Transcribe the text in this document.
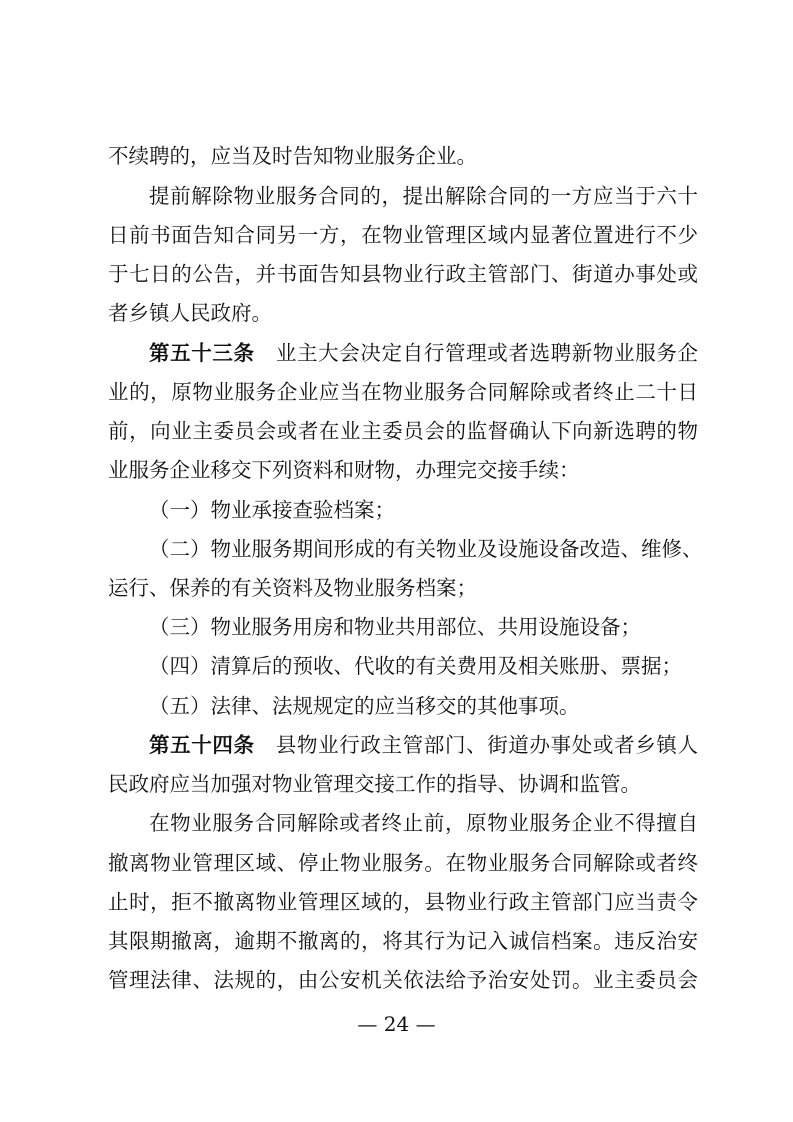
不续聘的，应当及时告知物业服务企业。
提前解除物业服务合同的，提出解除合同的一方应当于六十
日前书面告知合同另一方，在物业管理区域内显著位置进行不少
于七日的公告，并书面告知县物业行政主管部门、街道办事处或
者乡镇人民政府。
第五十三条  业主大会决定自行管理或者选聘新物业服务企
业的，原物业服务企业应当在物业服务合同解除或者终止二十日
前，向业主委员会或者在业主委员会的监督确认下向新选聘的物
业服务企业移交下列资料和财物，办理完交接手续：
（一）物业承接查验档案；
（二）物业服务期间形成的有关物业及设施设备改造、维修、
运行、保养的有关资料及物业服务档案；
（三）物业服务用房和物业共用部位、共用设施设备；
（四）清算后的预收、代收的有关费用及相关账册、票据；
（五）法律、法规规定的应当移交的其他事项。
第五十四条  县物业行政主管部门、街道办事处或者乡镇人
民政府应当加强对物业管理交接工作的指导、协调和监管。
在物业服务合同解除或者终止前，原物业服务企业不得擅自
撤离物业管理区域、停止物业服务。在物业服务合同解除或者终
止时，拒不撤离物业管理区域的，县物业行政主管部门应当责令
其限期撤离，逾期不撤离的，将其行为记入诚信档案。违反治安
管理法律、法规的，由公安机关依法给予治安处罚。业主委员会
— 24 —
